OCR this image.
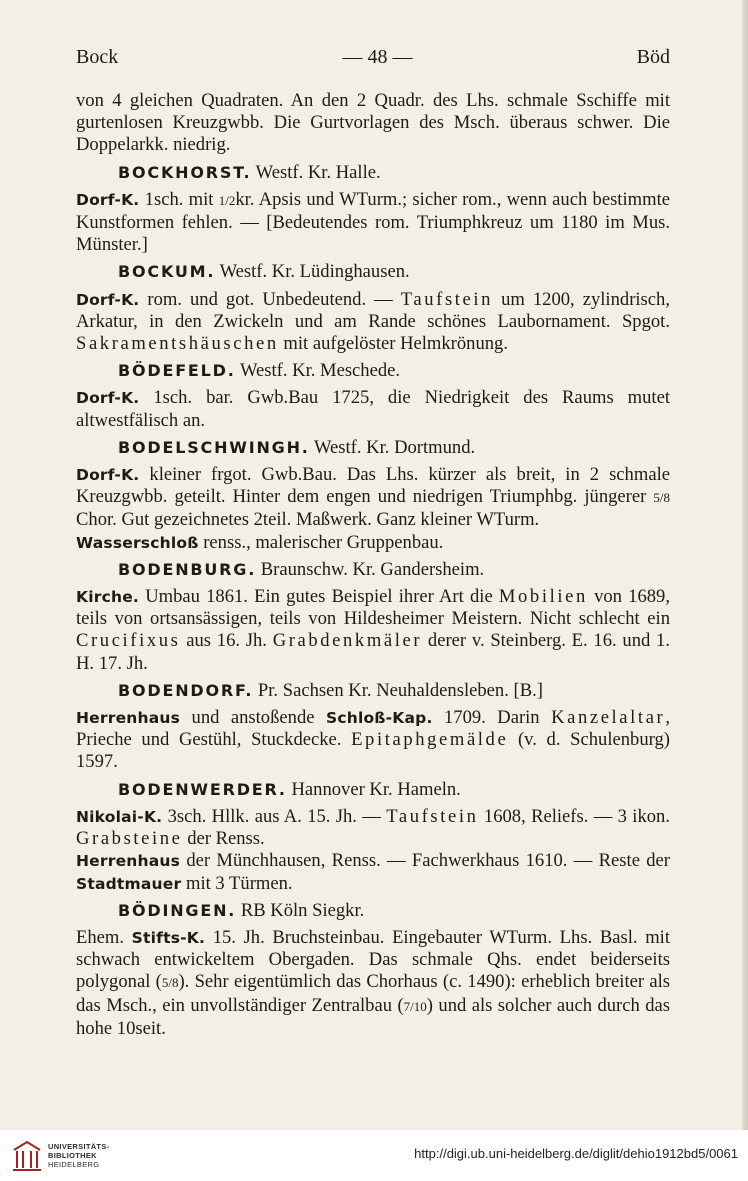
Bock	— 48 —	Böd

von 4 gleichen Quadraten. An den 2 Quadr. des Lhs. schmale Sschiffe mit gurtenlosen Kreuzgwbb. Die Gurtvorlagen des Msch. überaus schwer. Die Doppelarkk. niedrig.

BOCKHORST. Westf. Kr. Halle.

Dorf-K. 1sch. mit 1/2kr. Apsis und WTurm.; sicher rom., wenn auch bestimmte Kunstformen fehlen. — [Bedeutendes rom. Triumphkreuz um 1180 im Mus. Münster.]

BOCKUM. Westf. Kr. Lüdinghausen.

Dorf-K. rom. und got. Unbedeutend. — Taufstein um 1200, zylindrisch, Arkatur, in den Zwickeln und am Rande schönes Laubornament. Spgot. Sakramentshäuschen mit aufgelöster Helmkrönung.

BÖDEFELD. Westf. Kr. Meschede.

Dorf-K. 1sch. bar. Gwb.Bau 1725, die Niedrigkeit des Raums mutet altwestfälisch an.

BODELSCHWINGH. Westf. Kr. Dortmund.

Dorf-K. kleiner frgot. Gwb.Bau. Das Lhs. kürzer als breit, in 2 schmale Kreuzgwbb. geteilt. Hinter dem engen und niedrigen Triumphbg. jüngerer 5/8 Chor. Gut gezeichnetes 2teil. Maßwerk. Ganz kleiner WTurm.

Wasserschloß renss., malerischer Gruppenbau.

BODENBURG. Braunschw. Kr. Gandersheim.

Kirche. Umbau 1861. Ein gutes Beispiel ihrer Art die Mobilien von 1689, teils von ortsansässigen, teils von Hildesheimer Meistern. Nicht schlecht ein Crucifixus aus 16. Jh. Grabdenkmäler derer v. Steinberg. E. 16. und 1. H. 17. Jh.

BODENDORF. Pr. Sachsen Kr. Neuhaldensleben. [B.]

Herrenhaus und anstoßende Schloß-Kap. 1709. Darin Kanzelaltar, Prieche und Gestühl, Stuckdecke. Epitaphgemälde (v. d. Schulenburg) 1597.

BODENWERDER. Hannover Kr. Hameln.

Nikolai-K. 3sch. Hllk. aus A. 15. Jh. — Taufstein 1608, Reliefs. — 3 ikon. Grabsteine der Renss.

Herrenhaus der Münchhausen, Renss. — Fachwerkhaus 1610. — Reste der Stadtmauer mit 3 Türmen.

BÖDINGEN. RB Köln Siegkr.

Ehem. Stifts-K. 15. Jh. Bruchsteinbau. Eingebauter WTurm. Lhs. Basl. mit schwach entwickeltem Obergaden. Das schmale Qhs. endet beiderseits polygonal (5/8). Sehr eigentümlich das Chorhaus (c. 1490): erheblich breiter als das Msch., ein unvollständiger Zentralbau (7/10) und als solcher auch durch das hohe 10seit.

UNIVERSITÄTS-
BIBLIOTHEK
HEIDELBERG
http://digi.ub.uni-heidelberg.de/diglit/dehio1912bd5/0061
